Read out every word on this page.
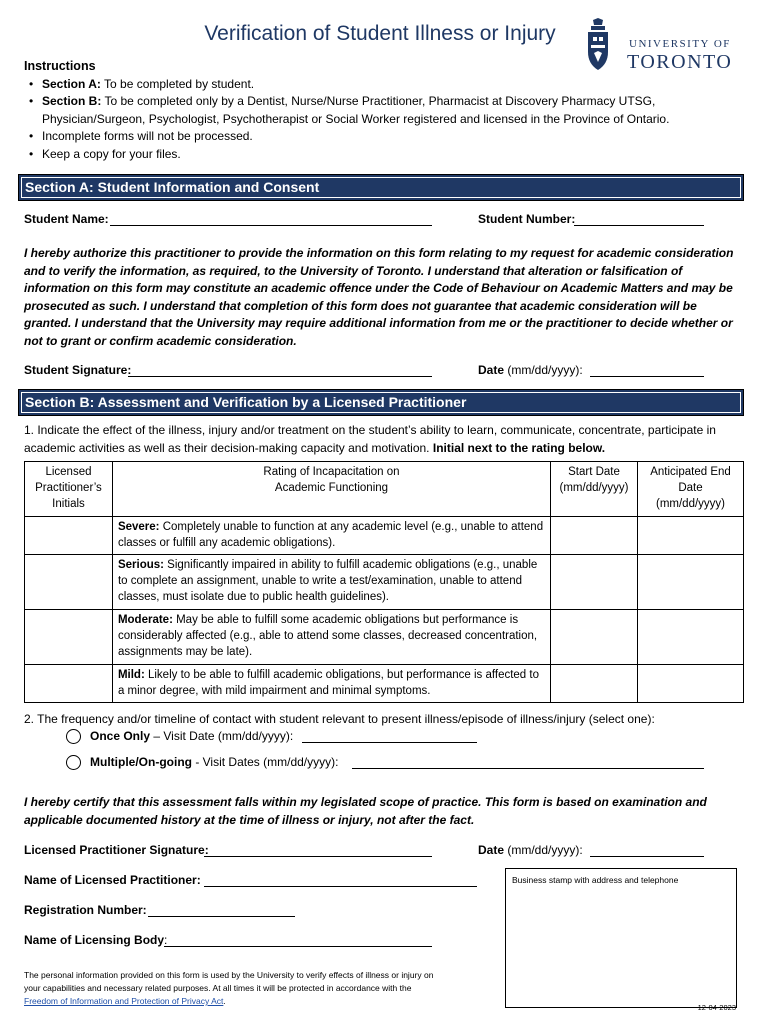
Verification of Student Illness or Injury	UNIVERSITY OF
TORONTO
Instructions
• Section A: To be completed by student.
• Section B: To be completed only by a Dentist, Nurse/Nurse Practitioner, Pharmacist at Discovery Pharmacy UTSG, Physician/Surgeon, Psychologist, Psychotherapist or Social Worker registered and licensed in the Province of Ontario.
• Incomplete forms will not be processed.
• Keep a copy for your files.
Section A: Student Information and Consent
Student Name:	Student Number:
I hereby authorize this practitioner to provide the information on this form relating to my request for academic consideration and to verify the information, as required, to the University of Toronto. I understand that alteration or falsification of information on this form may constitute an academic offence under the Code of Behaviour on Academic Matters and may be prosecuted as such. I understand that completion of this form does not guarantee that academic consideration will be granted. I understand that the University may require additional information from me or the practitioner to decide whether or not to grant or confirm academic consideration.
Student Signature:	Date (mm/dd/yyyy):
Section B: Assessment and Verification by a Licensed Practitioner
1. Indicate the effect of the illness, injury and/or treatment on the student’s ability to learn, communicate, concentrate, participate in academic activities as well as their decision-making capacity and motivation. Initial next to the rating below.
Licensed Practitioner’s Initials	Rating of Incapacitation on Academic Functioning	Start Date (mm/dd/yyyy)	Anticipated End Date (mm/dd/yyyy)

	Severe: Completely unable to function at any academic level (e.g., unable to attend classes or fulfill any academic obligations).		
	Serious: Significantly impaired in ability to fulfill academic obligations (e.g., unable to complete an assignment, unable to write a test/examination, unable to attend classes, must isolate due to public health guidelines).		
	Moderate: May be able to fulfill some academic obligations but performance is considerably affected (e.g., able to attend some classes, decreased concentration, assignments may be late).		
	Mild: Likely to be able to fulfill academic obligations, but performance is affected to a minor degree, with mild impairment and minimal symptoms.		
2. The frequency and/or timeline of contact with student relevant to present illness/episode of illness/injury (select one):
Once Only – Visit Date (mm/dd/yyyy):
Multiple/On-going - Visit Dates (mm/dd/yyyy):
I hereby certify that this assessment falls within my legislated scope of practice. This form is based on examination and applicable documented history at the time of illness or injury, not after the fact.
Licensed Practitioner Signature:	Date (mm/dd/yyyy):
Name of Licensed Practitioner:	Business stamp with address and telephone
Registration Number:
Name of Licensing Body:
The personal information provided on this form is used by the University to verify effects of illness or injury on your capabilities and necessary related purposes. At all times it will be protected in accordance with the Freedom of Information and Protection of Privacy Act.
12-04-2023
